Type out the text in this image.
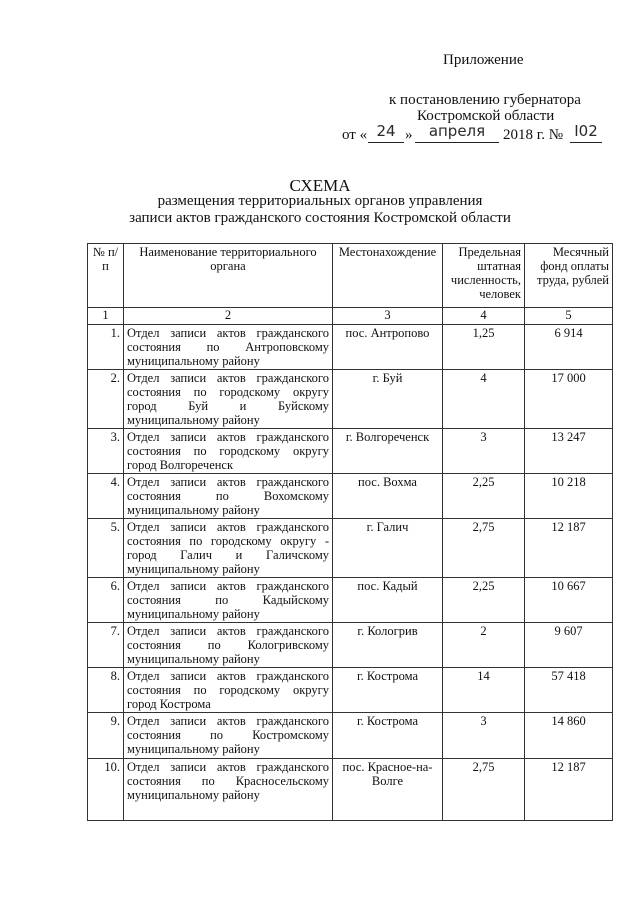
Приложение
к постановлению губернатора
Костромской области
от « 24 »	апреля	2018 г. № I02
СХЕМА
размещения территориальных органов управления
записи актов гражданского состояния Костромской области
№ п/п	Наименование территориального органа	Местонахождение	Предельная штатная численность, человек	Месячный фонд оплаты труда, рублей
1	2	3	4	5
1.	Отдел записи актов гражданского состояния по Антроповскому муниципальному району	пос. Антропово	1,25	6 914
2.	Отдел записи актов гражданского состояния по городскому округу город Буй и Буйскому муниципальному району	г. Буй	4	17 000
3.	Отдел записи актов гражданского состояния по городскому округу город Волгореченск	г. Волгореченск	3	13 247
4.	Отдел записи актов гражданского состояния по Вохомскому муниципальному району	пос. Вохма	2,25	10 218
5.	Отдел записи актов гражданского состояния по городскому округу - город Галич и Галичскому муниципальному району	г. Галич	2,75	12 187
6.	Отдел записи актов гражданского состояния по Кадыйскому муниципальному району	пос. Кадый	2,25	10 667
7.	Отдел записи актов гражданского состояния по Кологривскому муниципальному району	г. Кологрив	2	9 607
8.	Отдел записи актов гражданского состояния по городскому округу город Кострома	г. Кострома	14	57 418
9.	Отдел записи актов гражданского состояния по Костромскому муниципальному району	г. Кострома	3	14 860
10.	Отдел записи актов гражданского состояния по Красносельскому муниципальному району	пос. Красное-на-Волге	2,75	12 187
